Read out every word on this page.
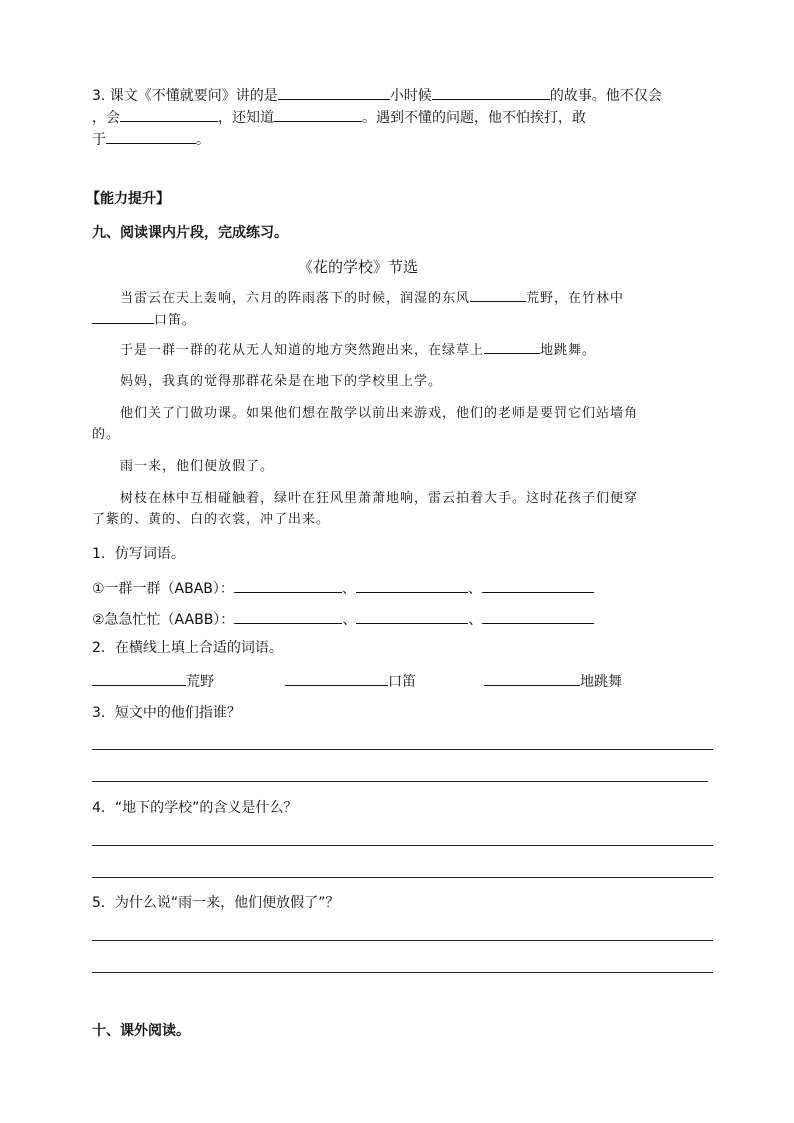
3. 课文《不懂就要问》讲的是	小时候	的故事。他不仅会
，会	，还知道	。遇到不懂的问题，他不怕挨打，敢
于	。
【能力提升】
九、阅读课内片段，完成练习。
《花的学校》节选
当雷云在天上轰响，六月的阵雨落下的时候，润湿的东风	荒野，在竹林中
口笛。
于是一群一群的花从无人知道的地方突然跑出来，在绿草上	地跳舞。
妈妈，我真的觉得那群花朵是在地下的学校里上学。
他们关了门做功课。如果他们想在散学以前出来游戏，他们的老师是要罚它们站墙角
的。
雨一来，他们便放假了。
树枝在林中互相碰触着，绿叶在狂风里萧萧地响，雷云拍着大手。这时花孩子们便穿
了紫的、黄的、白的衣裳，冲了出来。
1．仿写词语。
①一群一群（ABAB）：	、	、
②急急忙忙（AABB）：	、	、
2．在横线上填上合适的词语。
荒野	口笛	地跳舞
3．短文中的他们指谁？
4．“地下的学校”的含义是什么？
5．为什么说“雨一来，他们便放假了”？
十、课外阅读。
